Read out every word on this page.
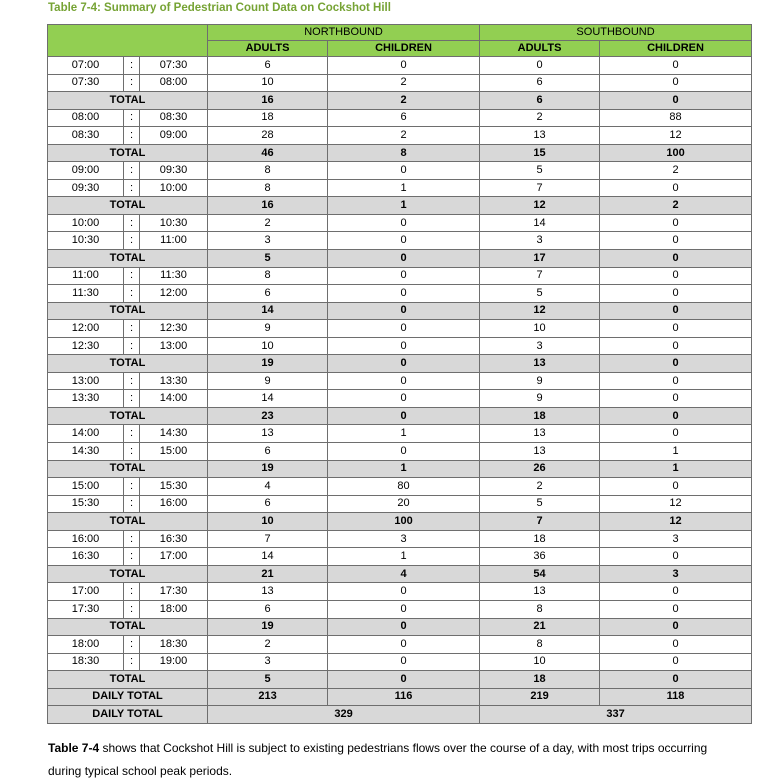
Table 7-4: Summary of Pedestrian Count Data on Cockshot Hill
			NORTHBOUND		SOUTHBOUND	
			ADULTS	CHILDREN	ADULTS	CHILDREN
07:00	:	07:30	6	0	0	0
07:30	:	08:00	10	2	6	0
TOTAL			16	2	6	0
08:00	:	08:30	18	6	2	88
08:30	:	09:00	28	2	13	12
TOTAL			46	8	15	100
09:00	:	09:30	8	0	5	2
09:30	:	10:00	8	1	7	0
TOTAL			16	1	12	2
10:00	:	10:30	2	0	14	0
10:30	:	11:00	3	0	3	0
TOTAL			5	0	17	0
11:00	:	11:30	8	0	7	0
11:30	:	12:00	6	0	5	0
TOTAL			14	0	12	0
12:00	:	12:30	9	0	10	0
12:30	:	13:00	10	0	3	0
TOTAL			19	0	13	0
13:00	:	13:30	9	0	9	0
13:30	:	14:00	14	0	9	0
TOTAL			23	0	18	0
14:00	:	14:30	13	1	13	0
14:30	:	15:00	6	0	13	1
TOTAL			19	1	26	1
15:00	:	15:30	4	80	2	0
15:30	:	16:00	6	20	5	12
TOTAL			10	100	7	12
16:00	:	16:30	7	3	18	3
16:30	:	17:00	14	1	36	0
TOTAL			21	4	54	3
17:00	:	17:30	13	0	13	0
17:30	:	18:00	6	0	8	0
TOTAL			19	0	21	0
18:00	:	18:30	2	0	8	0
18:30	:	19:00	3	0	10	0
TOTAL			5	0	18	0
DAILY TOTAL			213	116	219	118
DAILY TOTAL			329		337	
Table 7-4 shows that Cockshot Hill is subject to existing pedestrians flows over the course of a day, with most trips occurring during typical school peak periods.
